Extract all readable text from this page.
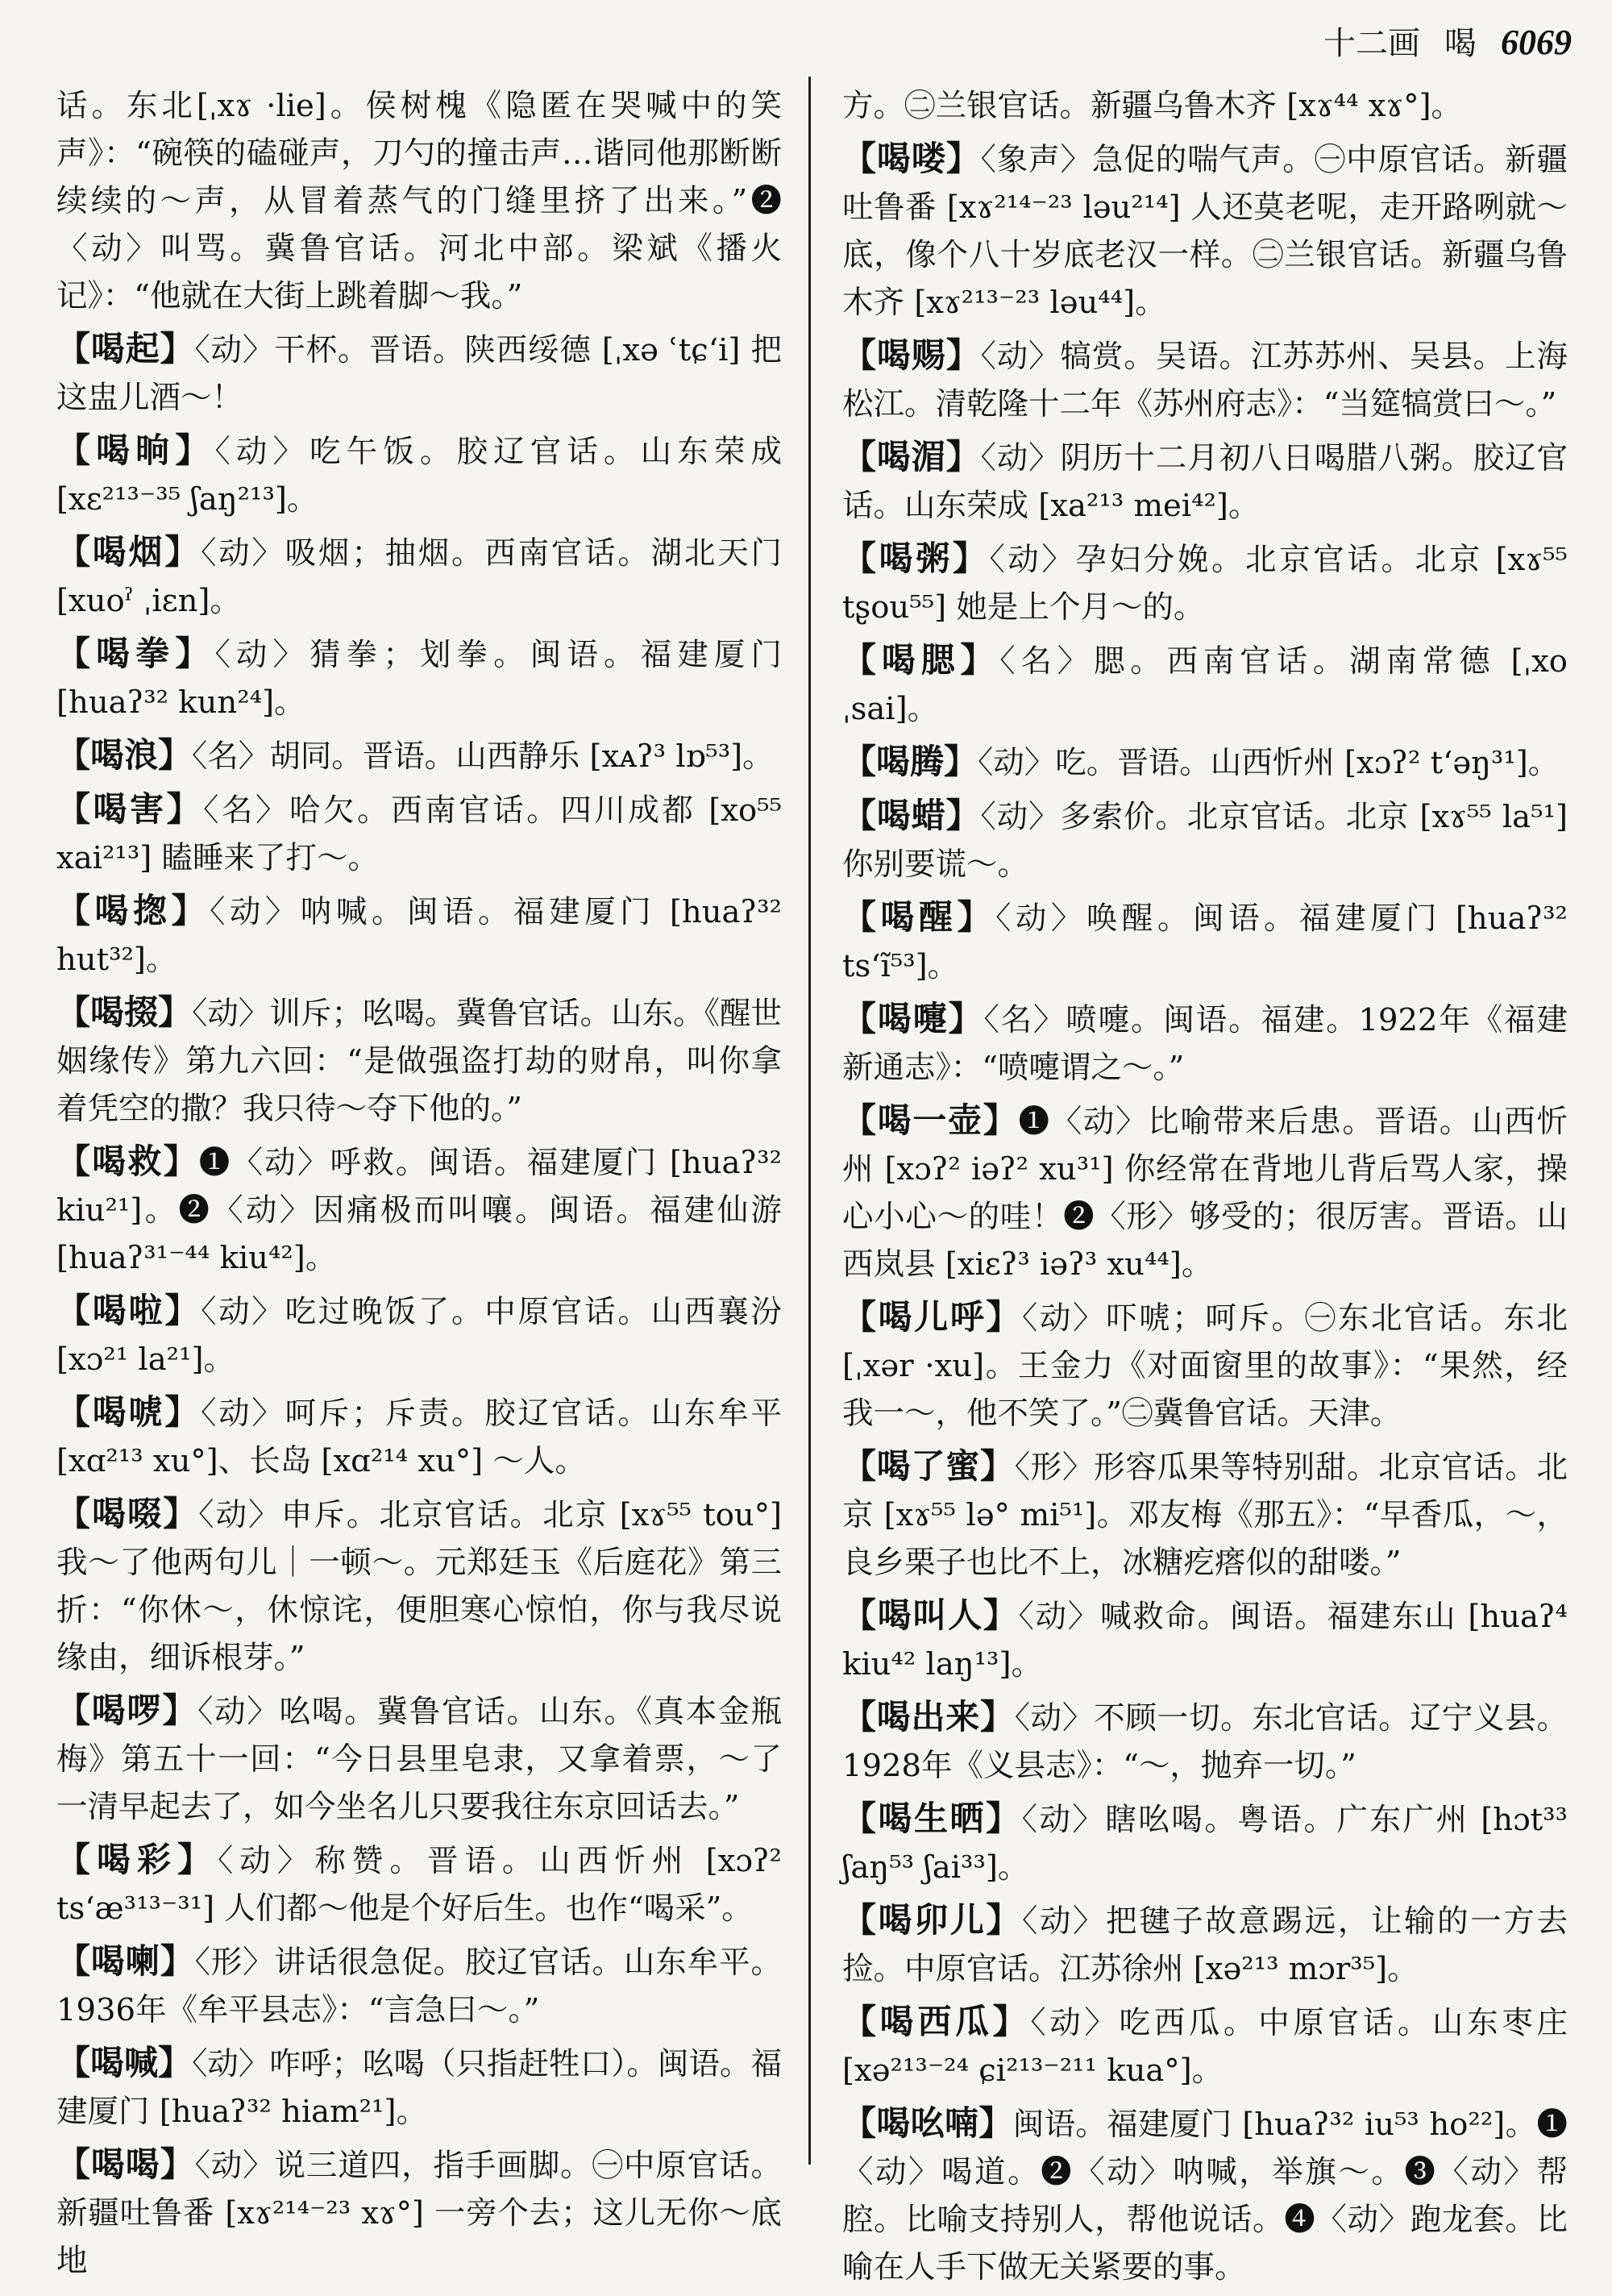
十二画 喝 6069

话。东北[ˌxɤ ·lie]。侯树槐《隐匿在哭喊中的笑声》：“碗筷的磕碰声，刀勺的撞击声…谐同他那断断续续的～声，从冒着蒸气的门缝里挤了出来。”❷〈动〉叫骂。冀鲁官话。河北中部。梁斌《播火记》：“他就在大街上跳着脚～我。”

【喝起】〈动〉干杯。晋语。陕西绥德 [ˌxə ʿtɕʻi] 把这盅儿酒～！

【喝晌】〈动〉吃午饭。胶辽官话。山东荣成 [xɛ²¹³⁻³⁵ ʃaŋ²¹³]。

【喝烟】〈动〉吸烟；抽烟。西南官话。湖北天门 [xuoˀ ˌiɛn]。

【喝拳】〈动〉猜拳；划拳。闽语。福建厦门 [huaʔ³² kun²⁴]。

【喝浪】〈名〉胡同。晋语。山西静乐 [xᴀʔ³ lɒ⁵³]。

【喝害】〈名〉哈欠。西南官话。四川成都 [xo⁵⁵ xai²¹³] 瞌睡来了打～。

【喝揔】〈动〉呐喊。闽语。福建厦门 [huaʔ³² hut³²]。

【喝掇】〈动〉训斥；吆喝。冀鲁官话。山东。《醒世姻缘传》第九六回：“是做强盗打劫的财帛，叫你拿着凭空的撒？我只待～夺下他的。”

【喝救】❶〈动〉呼救。闽语。福建厦门 [huaʔ³² kiu²¹]。❷〈动〉因痛极而叫嚷。闽语。福建仙游 [huaʔ³¹⁻⁴⁴ kiu⁴²]。

【喝啦】〈动〉吃过晚饭了。中原官话。山西襄汾 [xɔ²¹ la²¹]。

【喝唬】〈动〉呵斥；斥责。胶辽官话。山东牟平 [xɑ²¹³ xu°]、长岛 [xɑ²¹⁴ xu°] ～人。

【喝啜】〈动〉申斥。北京官话。北京 [xɤ⁵⁵ tou°] 我～了他两句儿｜一顿～。元郑廷玉《后庭花》第三折：“你休～，休惊诧，便胆寒心惊怕，你与我尽说缘由，细诉根芽。”

【喝啰】〈动〉吆喝。冀鲁官话。山东。《真本金瓶梅》第五十一回：“今日县里皂隶，又拿着票，～了一清早起去了，如今坐名儿只要我往东京回话去。”

【喝彩】〈动〉称赞。晋语。山西忻州 [xɔʔ² tsʻæ³¹³⁻³¹] 人们都～他是个好后生。也作“喝采”。

【喝喇】〈形〉讲话很急促。胶辽官话。山东牟平。1936年《牟平县志》：“言急曰～。”

【喝喊】〈动〉咋呼；吆喝（只指赶牲口）。闽语。福建厦门 [huaʔ³² hiam²¹]。

【喝喝】〈动〉说三道四，指手画脚。㊀中原官话。新疆吐鲁番 [xɤ²¹⁴⁻²³ xɤ°] 一旁个去；这儿无你～底地

方。㊁兰银官话。新疆乌鲁木齐 [xɤ⁴⁴ xɤ°]。

【喝喽】〈象声〉急促的喘气声。㊀中原官话。新疆吐鲁番 [xɤ²¹⁴⁻²³ ləu²¹⁴] 人还莫老呢，走开路咧就～底，像个八十岁底老汉一样。㊁兰银官话。新疆乌鲁木齐 [xɤ²¹³⁻²³ ləu⁴⁴]。

【喝赐】〈动〉犒赏。吴语。江苏苏州、吴县。上海松江。清乾隆十二年《苏州府志》：“当筵犒赏曰～。”

【喝湄】〈动〉阴历十二月初八日喝腊八粥。胶辽官话。山东荣成 [xa²¹³ mei⁴²]。

【喝粥】〈动〉孕妇分娩。北京官话。北京 [xɤ⁵⁵ tʂou⁵⁵] 她是上个月～的。

【喝腮】〈名〉腮。西南官话。湖南常德 [ˌxo ˌsai]。

【喝腾】〈动〉吃。晋语。山西忻州 [xɔʔ² tʻəŋ³¹]。

【喝蜡】〈动〉多索价。北京官话。北京 [xɤ⁵⁵ la⁵¹] 你别要谎～。

【喝醒】〈动〉唤醒。闽语。福建厦门 [huaʔ³² tsʻĩ⁵³]。

【喝嚏】〈名〉喷嚏。闽语。福建。1922年《福建新通志》：“喷嚏谓之～。”

【喝一壶】❶〈动〉比喻带来后患。晋语。山西忻州 [xɔʔ² iəʔ² xu³¹] 你经常在背地儿背后骂人家，操心小心～的哇！❷〈形〉够受的；很厉害。晋语。山西岚县 [xiɛʔ³ iəʔ³ xu⁴⁴]。

【喝儿呼】〈动〉吓唬；呵斥。㊀东北官话。东北 [ˌxər ·xu]。王金力《对面窗里的故事》：“果然，经我一～，他不笑了。”㊁冀鲁官话。天津。

【喝了蜜】〈形〉形容瓜果等特别甜。北京官话。北京 [xɤ⁵⁵ lə° mi⁵¹]。邓友梅《那五》：“早香瓜，～，良乡栗子也比不上，冰糖疙瘩似的甜喽。”

【喝叫人】〈动〉喊救命。闽语。福建东山 [huaʔ⁴ kiu⁴² laŋ¹³]。

【喝出来】〈动〉不顾一切。东北官话。辽宁义县。1928年《义县志》：“～，抛弃一切。”

【喝生晒】〈动〉瞎吆喝。粤语。广东广州 [hɔt³³ ʃaŋ⁵³ ʃai³³]。

【喝卯儿】〈动〉把毽子故意踢远，让输的一方去捡。中原官话。江苏徐州 [xə²¹³ mɔr³⁵]。

【喝西瓜】〈动〉吃西瓜。中原官话。山东枣庄 [xə²¹³⁻²⁴ ɕi²¹³⁻²¹¹ kua°]。

【喝吆喃】闽语。福建厦门 [huaʔ³² iu⁵³ ho²²]。❶〈动〉喝道。❷〈动〉呐喊，举旗～。❸〈动〉帮腔。比喻支持别人，帮他说话。❹〈动〉跑龙套。比喻在人手下做无关紧要的事。
